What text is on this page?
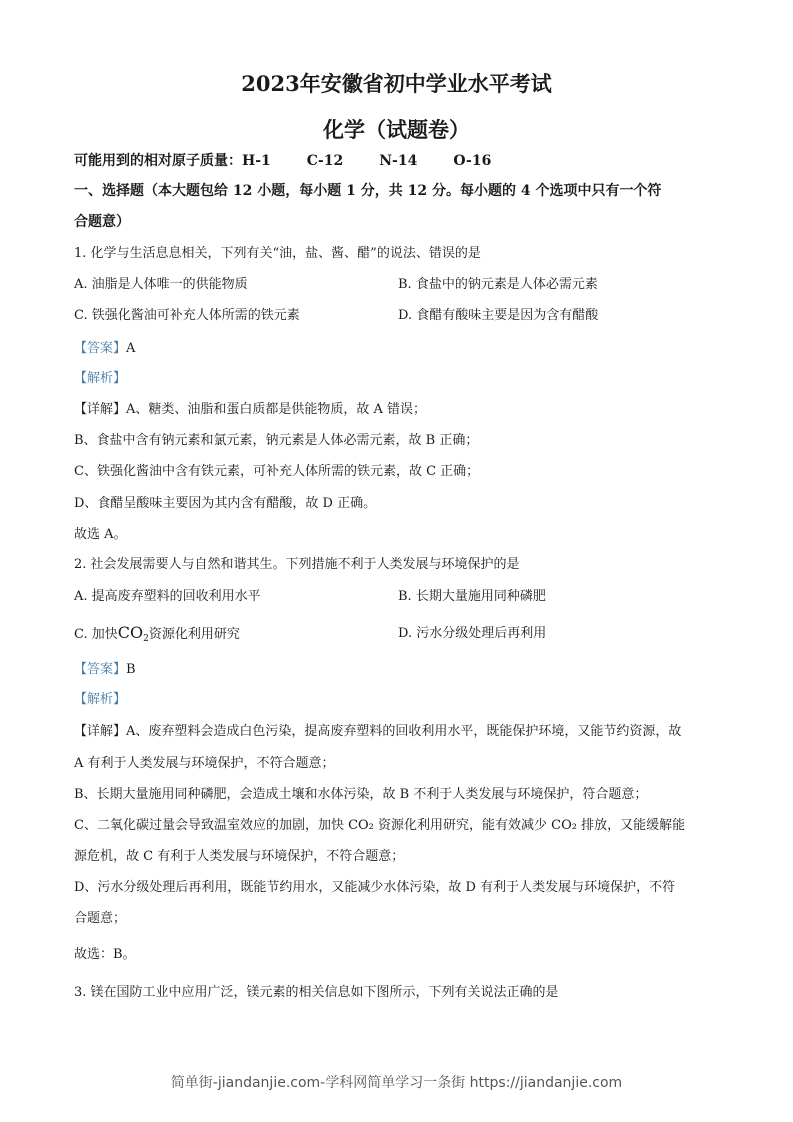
2023年安徽省初中学业水平考试
化学（试题卷）
可能用到的相对原子质量：H-1	C-12	N-14	O-16
一、选择题（本大题包给 12 小题，每小题 1 分，共 12 分。每小题的 4 个选项中只有一个符
合题意）
1. 化学与生活息息相关，下列有关“油，盐、酱、醋”的说法、错误的是
A. 油脂是人体唯一的供能物质	B. 食盐中的钠元素是人体必需元素
C. 铁强化酱油可补充人体所需的铁元素	D. 食醋有酸味主要是因为含有醋酸
【答案】A
【解析】
【详解】A、糖类、油脂和蛋白质都是供能物质，故 A 错误；
B、食盐中含有钠元素和氯元素，钠元素是人体必需元素，故 B 正确；
C、铁强化酱油中含有铁元素，可补充人体所需的铁元素，故 C 正确；
D、食醋呈酸味主要因为其内含有醋酸，故 D 正确。
故选 A。
2. 社会发展需要人与自然和谐其生。下列措施不利于人类发展与环境保护的是
A. 提高废弃塑料的回收利用水平	B. 长期大量施用同种磷肥
C. 加快$CO_2$资源化利用研究	D. 污水分级处理后再利用
【答案】B
【解析】
【详解】A、废弃塑料会造成白色污染，提高废弃塑料的回收利用水平，既能保护环境，又能节约资源，故
A 有利于人类发展与环境保护，不符合题意；
B、长期大量施用同种磷肥，会造成土壤和水体污染，故 B 不利于人类发展与环境保护，符合题意；
C、二氧化碳过量会导致温室效应的加剧，加快 CO₂ 资源化利用研究，能有效减少 CO₂ 排放，又能缓解能
源危机，故 C 有利于人类发展与环境保护，不符合题意；
D、污水分级处理后再利用，既能节约用水，又能减少水体污染，故 D 有利于人类发展与环境保护，不符
合题意；
故选：B。
3. 镁在国防工业中应用广泛，镁元素的相关信息如下图所示，下列有关说法正确的是
简单街-jiandanjie.com-学科网简单学习一条街 https://jiandanjie.com
